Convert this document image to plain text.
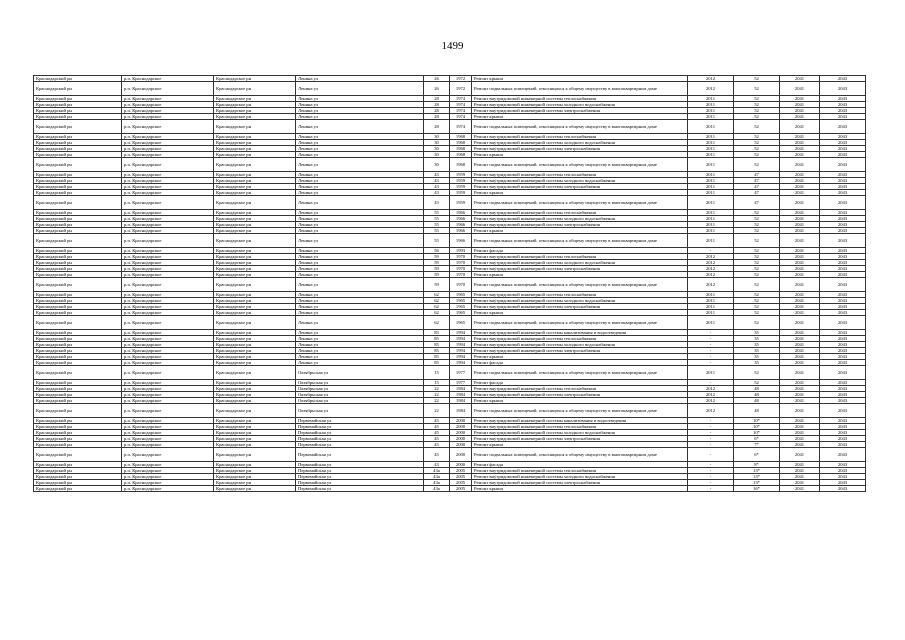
1499
Краснодарский рн	р.п. Краснодарское	Краснодарское рн	Ленина ул	26	1972	Ремонт крыши	2012	52	2041	2043
Краснодарский рн	р.п. Краснодарское	Краснодарское рн	Ленина ул	26	1972	Ремонт подвальных помещений, относящихся к общему имуществу в многоквартирном доме	2012	52	2041	2043
Краснодарский рн	р.п. Краснодарское	Краснодарское рн	Ленина ул	28	1974	Ремонт внутридомовой инженерной системы теплоснабжения	2011	52	2041	2043
Краснодарский рн	р.п. Краснодарское	Краснодарское рн	Ленина ул	28	1974	Ремонт внутридомовой инженерной системы холодного водоснабжения	2011	52	2041	2043
Краснодарский рн	р.п. Краснодарское	Краснодарское рн	Ленина ул	28	1974	Ремонт внутридомовой инженерной системы электроснабжения	2011	52	2041	2043
Краснодарский рн	р.п. Краснодарское	Краснодарское рн	Ленина ул	28	1974	Ремонт крыши	2011	52	2041	2043
Краснодарский рн	р.п. Краснодарское	Краснодарское рн	Ленина ул	28	1974	Ремонт подвальных помещений, относящихся к общему имуществу в многоквартирном доме	2011	52	2041	2043
Краснодарский рн	р.п. Краснодарское	Краснодарское рн	Ленина ул	30	1968	Ремонт внутридомовой инженерной системы теплоснабжения	2011	52	2041	2043
Краснодарский рн	р.п. Краснодарское	Краснодарское рн	Ленина ул	30	1968	Ремонт внутридомовой инженерной системы холодного водоснабжения	2011	52	2041	2043
Краснодарский рн	р.п. Краснодарское	Краснодарское рн	Ленина ул	30	1968	Ремонт внутридомовой инженерной системы электроснабжения	2011	52	2041	2043
Краснодарский рн	р.п. Краснодарское	Краснодарское рн	Ленина ул	30	1968	Ремонт крыши	2011	52	2041	2043
Краснодарский рн	р.п. Краснодарское	Краснодарское рн	Ленина ул	30	1968	Ремонт подвальных помещений, относящихся к общему имуществу в многоквартирном доме	2011	52	2041	2043
Краснодарский рн	р.п. Краснодарское	Краснодарское рн	Ленина ул	43	1959	Ремонт внутридомовой инженерной системы теплоснабжения	2011	47	2041	2043
Краснодарский рн	р.п. Краснодарское	Краснодарское рн	Ленина ул	43	1959	Ремонт внутридомовой инженерной системы холодного водоснабжения	2011	47	2041	2043
Краснодарский рн	р.п. Краснодарское	Краснодарское рн	Ленина ул	43	1959	Ремонт внутридомовой инженерной системы электроснабжения	2011	47	2041	2043
Краснодарский рн	р.п. Краснодарское	Краснодарское рн	Ленина ул	43	1959	Ремонт крыши	2011	47	2041	2043
Краснодарский рн	р.п. Краснодарское	Краснодарское рн	Ленина ул	43	1959	Ремонт подвальных помещений, относящихся к общему имуществу в многоквартирном доме	2011	47	2041	2043
Краснодарский рн	р.п. Краснодарское	Краснодарское рн	Ленина ул	55	1966	Ремонт внутридомовой инженерной системы теплоснабжения	2011	52	2041	2043
Краснодарский рн	р.п. Краснодарское	Краснодарское рн	Ленина ул	55	1966	Ремонт внутридомовой инженерной системы холодного водоснабжения	2011	52	2041	2043
Краснодарский рн	р.п. Краснодарское	Краснодарское рн	Ленина ул	55	1966	Ремонт внутридомовой инженерной системы электроснабжения	2011	52	2041	2043
Краснодарский рн	р.п. Краснодарское	Краснодарское рн	Ленина ул	55	1966	Ремонт крыши	2011	52	2041	2043
Краснодарский рн	р.п. Краснодарское	Краснодарское рн	Ленина ул	55	1966	Ремонт подвальных помещений, относящихся к общему имуществу в многоквартирном доме	2011	52	2041	2043
Краснодарский рн	р.п. Краснодарское	Краснодарское рн	Ленина ул	56	1993	Ремонт фасада	-	52	2041	2043
Краснодарский рн	р.п. Краснодарское	Краснодарское рн	Ленина ул	59	1970	Ремонт внутридомовой инженерной системы теплоснабжения	2012	52	2041	2043
Краснодарский рн	р.п. Краснодарское	Краснодарское рн	Ленина ул	59	1970	Ремонт внутридомовой инженерной системы холодного водоснабжения	2012	52	2041	2043
Краснодарский рн	р.п. Краснодарское	Краснодарское рн	Ленина ул	59	1970	Ремонт внутридомовой инженерной системы электроснабжения	2012	52	2041	2043
Краснодарский рн	р.п. Краснодарское	Краснодарское рн	Ленина ул	59	1970	Ремонт крыши	2012	52	2041	2043
Краснодарский рн	р.п. Краснодарское	Краснодарское рн	Ленина ул	59	1970	Ремонт подвальных помещений, относящихся к общему имуществу в многоквартирном доме	2012	52	2041	2043
Краснодарский рн	р.п. Краснодарское	Краснодарское рн	Ленина ул	62	1965	Ремонт внутридомовой инженерной системы теплоснабжения	2011	52	2041	2043
Краснодарский рн	р.п. Краснодарское	Краснодарское рн	Ленина ул	62	1965	Ремонт внутридомовой инженерной системы холодного водоснабжения	2011	52	2041	2043
Краснодарский рн	р.п. Краснодарское	Краснодарское рн	Ленина ул	62	1965	Ремонт внутридомовой инженерной системы электроснабжения	2011	52	2041	2043
Краснодарский рн	р.п. Краснодарское	Краснодарское рн	Ленина ул	62	1965	Ремонт крыши	2011	52	2041	2043
Краснодарский рн	р.п. Краснодарское	Краснодарское рн	Ленина ул	62	1965	Ремонт подвальных помещений, относящихся к общему имуществу в многоквартирном доме	2011	52	2041	2043
Краснодарский рн	р.п. Краснодарское	Краснодарское рн	Ленина ул	83	1994	Ремонт внутридомовой инженерной системы канализования и водоотведения	-	35	2041	2043
Краснодарский рн	р.п. Краснодарское	Краснодарское рн	Ленина ул	85	1994	Ремонт внутридомовой инженерной системы теплоснабжения	-	35	2041	2043
Краснодарский рн	р.п. Краснодарское	Краснодарское рн	Ленина ул	85	1994	Ремонт внутридомовой инженерной системы холодного водоснабжения	-	35	2041	2043
Краснодарский рн	р.п. Краснодарское	Краснодарское рн	Ленина ул	85	1994	Ремонт внутридомовой инженерной системы электроснабжения	-	35	2041	2043
Краснодарский рн	р.п. Краснодарское	Краснодарское рн	Ленина ул	85	1994	Ремонт крыши	-	35	2041	2043
Краснодарский рн	р.п. Краснодарское	Краснодарское рн	Ленина ул	85	1994	Ремонт фасада	-	35	2041	2043
Краснодарский рн	р.п. Краснодарское	Краснодарское рн	Октябрьская ул	15	1977	Ремонт подвальных помещений, относящихся к общему имуществу в многоквартирном доме	2011	52	2041	2043
Краснодарский рн	р.п. Краснодарское	Краснодарское рн	Октябрьская ул	15	1977	Ремонт фасада	-	52	2041	2043
Краснодарский рн	р.п. Краснодарское	Краснодарское рн	Октябрьская ул	22	1984	Ремонт внутридомовой инженерной системы теплоснабжения	2012	48	2041	2043
Краснодарский рн	р.п. Краснодарское	Краснодарское рн	Октябрьская ул	22	1984	Ремонт внутридомовой инженерной системы электроснабжения	2012	48	2041	2043
Краснодарский рн	р.п. Краснодарское	Краснодарское рн	Октябрьская ул	22	1984	Ремонт крыши	2012	48	2041	2043
Краснодарский рн	р.п. Краснодарское	Краснодарское рн	Октябрьская ул	22	1984	Ремонт подвальных помещений, относящихся к общему имуществу в многоквартирном доме	2012	48	2041	2043
Краснодарский рн	р.п. Краснодарское	Краснодарское рн	Первомайская ул	45	2000	Ремонт внутридомовой инженерной системы канализования и водоотведения	-	10*	2041	2043
Краснодарский рн	р.п. Краснодарское	Краснодарское рн	Первомайская ул	45	2000	Ремонт внутридомовой инженерной системы теплоснабжения	-	10*	2041	2043
Краснодарский рн	р.п. Краснодарское	Краснодарское рн	Первомайская ул	45	2000	Ремонт внутридомовой инженерной системы холодного водоснабжения	-	10*	2041	2043
Краснодарский рн	р.п. Краснодарское	Краснодарское рн	Первомайская ул	45	2000	Ремонт внутридомовой инженерной системы электроснабжения	-	6*	2041	2043
Краснодарский рн	р.п. Краснодарское	Краснодарское рн	Первомайская ул	45	2000	Ремонт крыши	-	7*	2041	2043
Краснодарский рн	р.п. Краснодарское	Краснодарское рн	Первомайская ул	45	2000	Ремонт подвальных помещений, относящихся к общему имуществу в многоквартирном доме	-	6*	2041	2043
Краснодарский рн	р.п. Краснодарское	Краснодарское рн	Первомайская ул	43	2000	Ремонт фасада	-	8*	2041	2043
Краснодарский рн	р.п. Краснодарское	Краснодарское рн	Первомайская ул	43a	2005	Ремонт внутридомовой инженерной системы теплоснабжения	-	13*	2041	2043
Краснодарский рн	р.п. Краснодарское	Краснодарское рн	Первомайская ул	43a	2005	Ремонт внутридомовой инженерной системы холодного водоснабжения	-	13*	2041	2043
Краснодарский рн	р.п. Краснодарское	Краснодарское рн	Первомайская ул	43a	2005	Ремонт внутридомовой инженерной системы электроснабжения	-	13*	2041	2043
Краснодарский рн	р.п. Краснодарское	Краснодарское рн	Первомайская ул	43a	2005	Ремонт крыши	-	16*	2041	2043
